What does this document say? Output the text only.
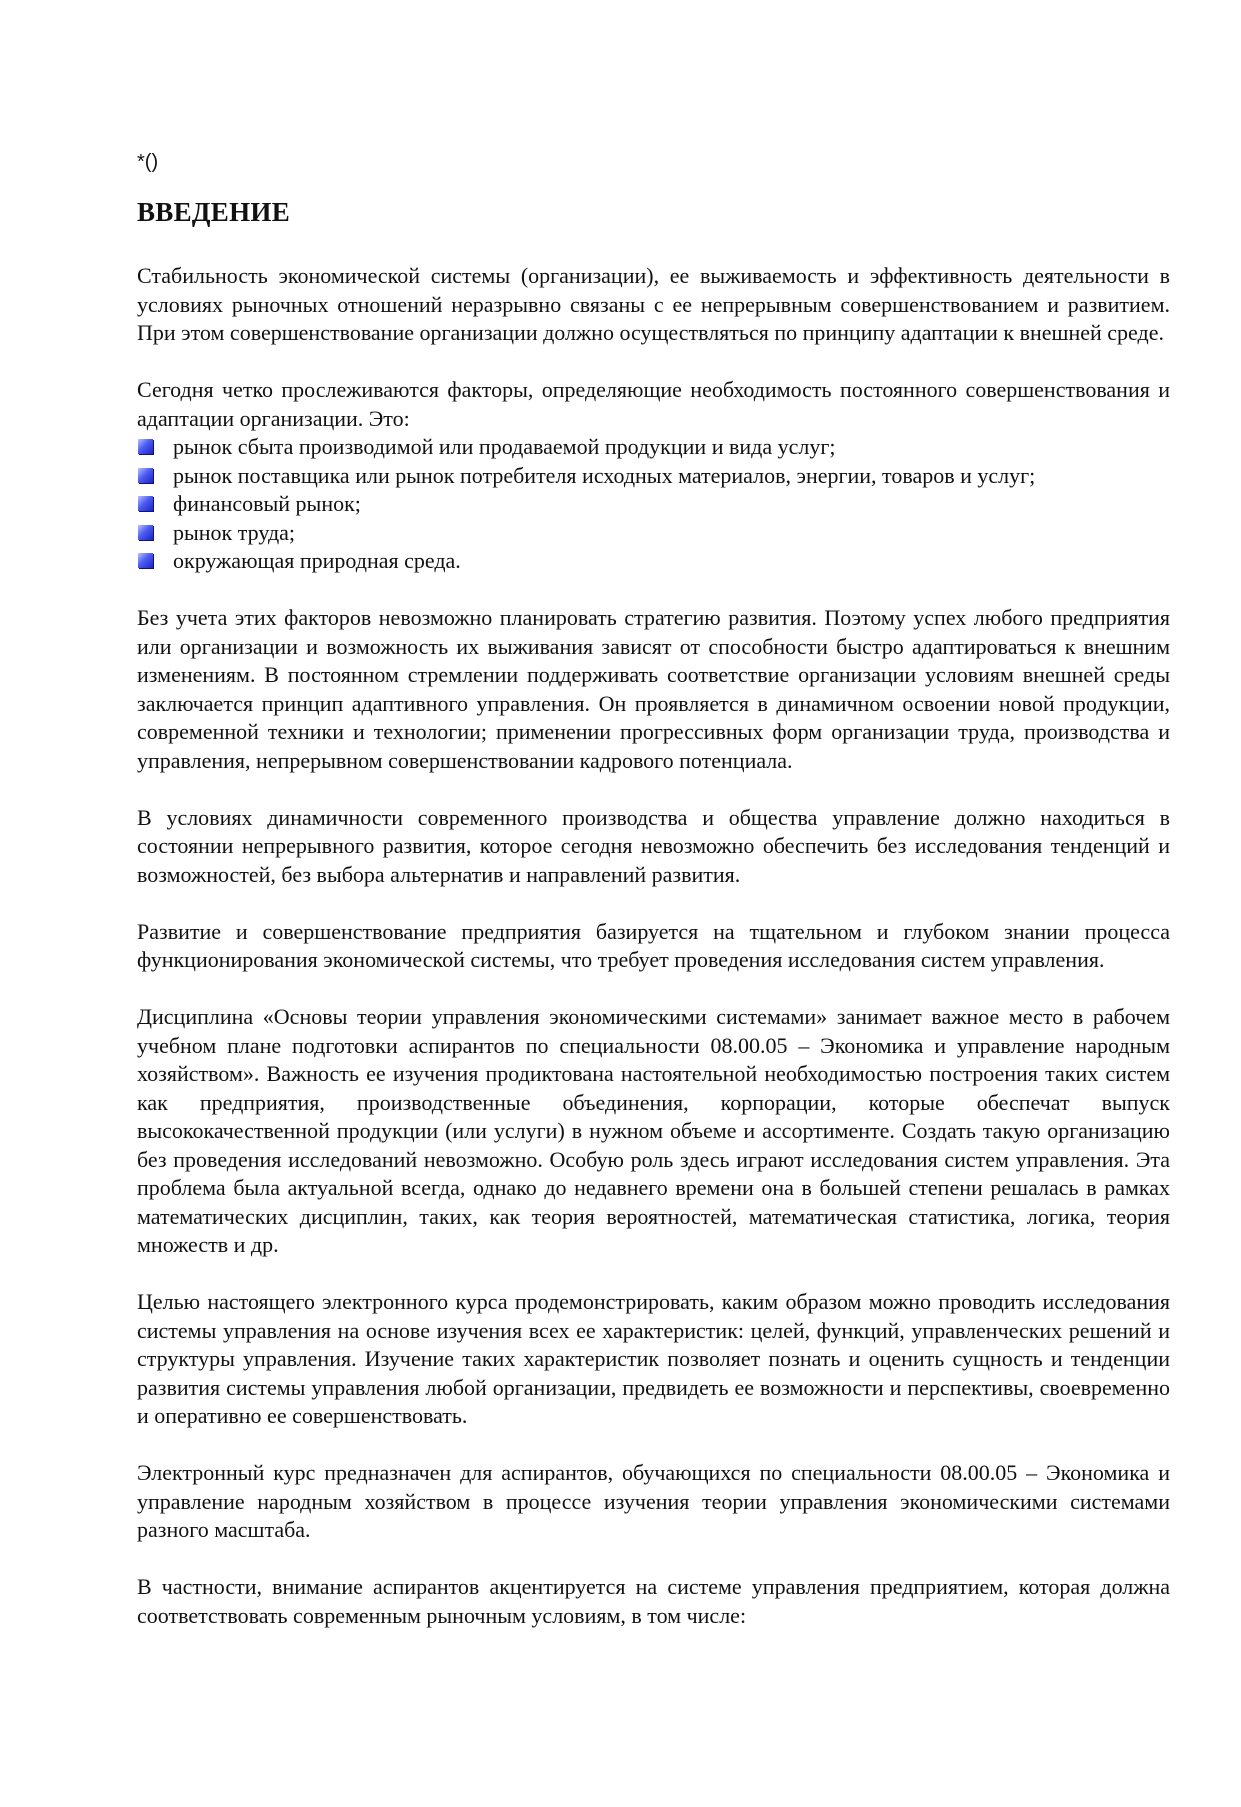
*()
ВВЕДЕНИЕ

Стабильность экономической системы (организации), ее выживаемость и эффективность деятельности в условиях рыночных отношений неразрывно связаны с ее непрерывным совершенствованием и развитием. При этом совершенствование организации должно осуществляться по принципу адаптации к внешней среде.

Сегодня четко прослеживаются факторы, определяющие необходимость постоянного совершенствования и адаптации организации. Это:

рынок сбыта производимой или продаваемой продукции и вида услуг;
рынок поставщика или рынок потребителя исходных материалов, энергии, товаров и услуг;
финансовый рынок;
рынок труда;
окружающая природная среда.

Без учета этих факторов невозможно планировать стратегию развития. Поэтому успех любого предприятия или организации и возможность их выживания зависят от способности быстро адаптироваться к внешним изменениям. В постоянном стремлении поддерживать соответствие организации условиям внешней среды заключается принцип адаптивного управления. Он проявляется в динамичном освоении новой продукции, современной техники и технологии; применении прогрессивных форм организации труда, производства и управления, непрерывном совершенствовании кадрового потенциала.

В условиях динамичности современного производства и общества управление должно находиться в состоянии непрерывного развития, которое сегодня невозможно обеспечить без исследования тенденций и возможностей, без выбора альтернатив и направлений развития.

Развитие и совершенствование предприятия базируется на тщательном и глубоком знании процесса функционирования экономической системы, что требует проведения исследования систем управления.

Дисциплина «Основы теории управления экономическими системами» занимает важное место в рабочем учебном плане подготовки аспирантов по специальности 08.00.05 – Экономика и управление народным хозяйством». Важность ее изучения продиктована настоятельной необходимостью построения таких систем как предприятия, производственные объединения, корпорации, которые обеспечат выпуск высококачественной продукции (или услуги) в нужном объеме и ассортименте. Создать такую организацию без проведения исследований невозможно. Особую роль здесь играют исследования систем управления. Эта проблема была актуальной всегда, однако до недавнего времени она в большей степени решалась в рамках математических дисциплин, таких, как теория вероятностей, математическая статистика, логика, теория множеств и др.

Целью настоящего электронного курса продемонстрировать, каким образом можно проводить исследования системы управления на основе изучения всех ее характеристик: целей, функций, управленческих решений и структуры управления. Изучение таких характеристик позволяет познать и оценить сущность и тенденции развития системы управления любой организации, предвидеть ее возможности и перспективы, своевременно и оперативно ее совершенствовать.

Электронный курс предназначен для аспирантов, обучающихся по специальности 08.00.05 – Экономика и управление народным хозяйством в процессе изучения теории управления экономическими системами разного масштаба.

В частности, внимание аспирантов акцентируется на системе управления предприятием, которая должна соответствовать современным рыночным условиям, в том числе:
